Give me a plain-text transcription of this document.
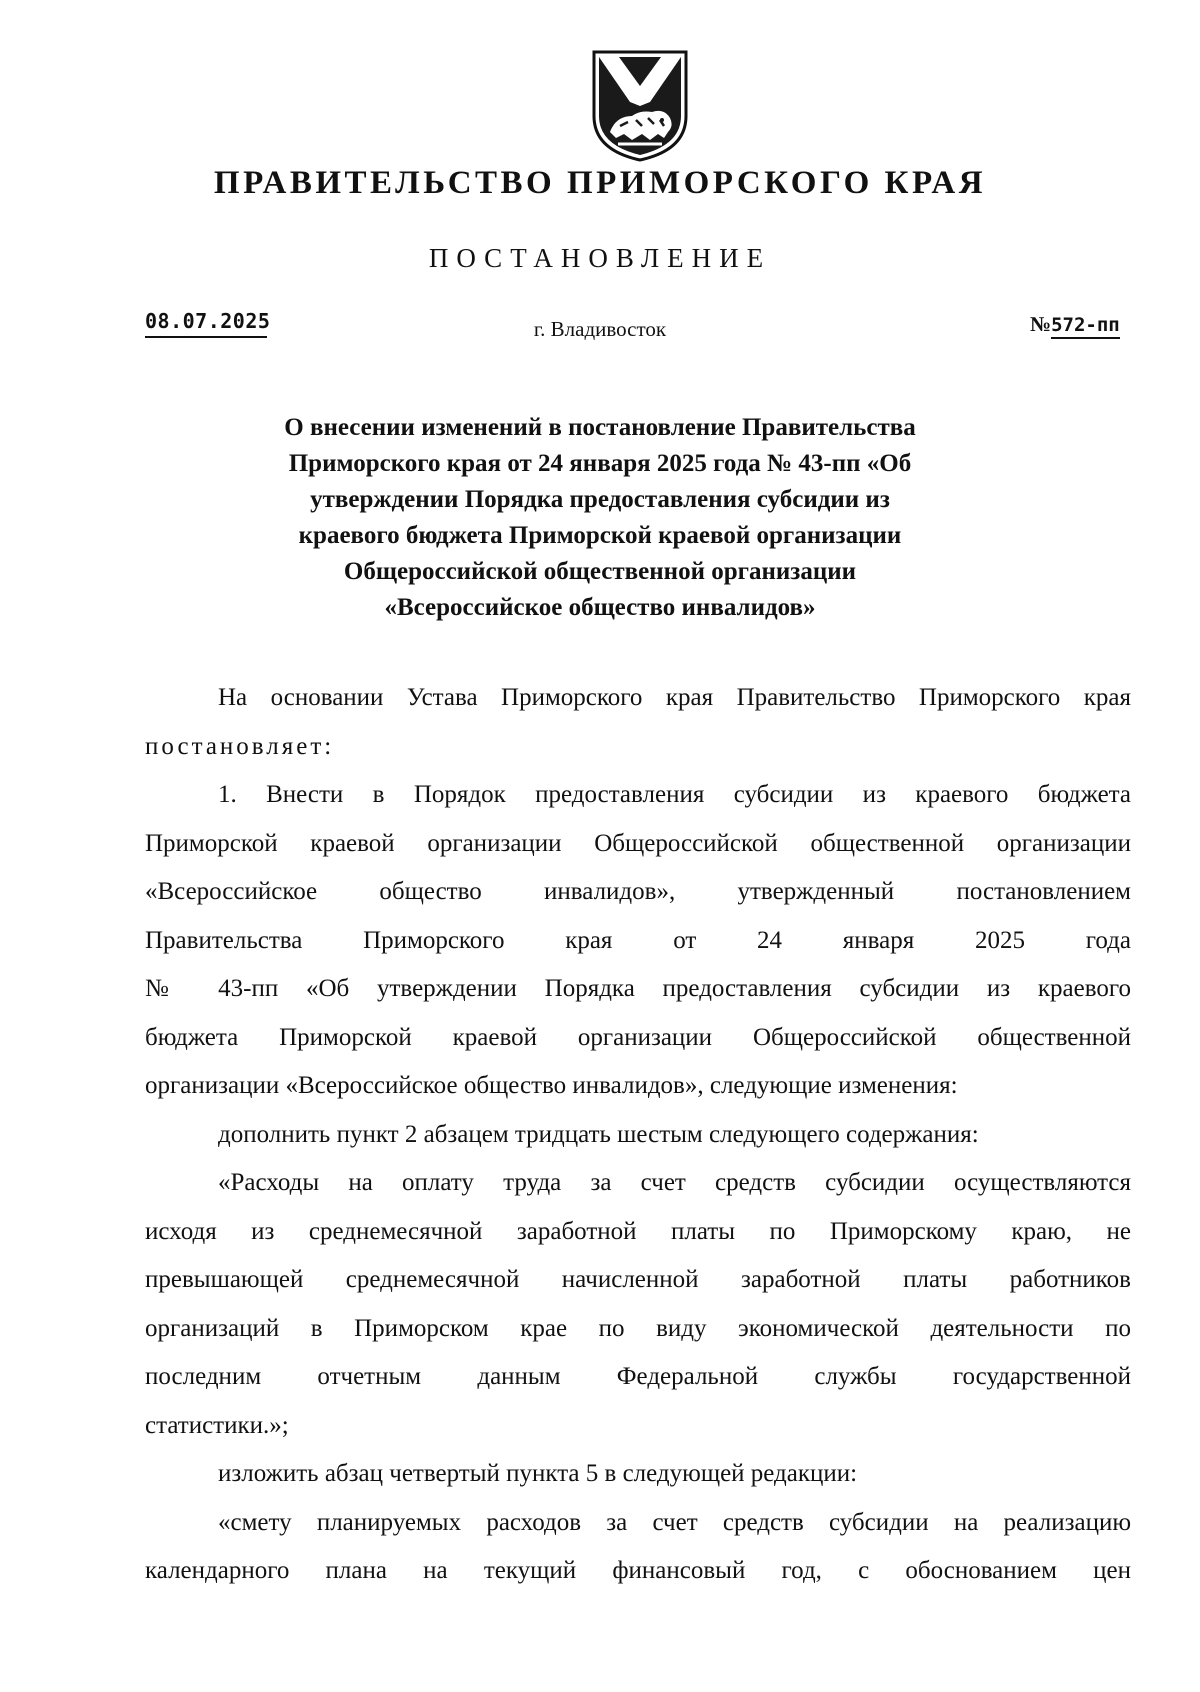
ПРАВИТЕЛЬСТВО ПРИМОРСКОГО КРАЯ
ПОСТАНОВЛЕНИЕ
08.07.2025	г. Владивосток	№572-пп
О внесении изменений в постановление Правительства
Приморского края от 24 января 2025 года № 43-пп «Об
утверждении Порядка предоставления субсидии из
краевого бюджета Приморской краевой организации
Общероссийской общественной организации
«Всероссийское общество инвалидов»

На основании Устава Приморского края Правительство Приморского края

постановляет:

1. Внести в Порядок предоставления субсидии из краевого бюджета

Приморской краевой организации Общероссийской общественной организации

«Всероссийское общество инвалидов», утвержденный постановлением

Правительства Приморского края от 24 января 2025 года

№ 43-пп «Об утверждении Порядка предоставления субсидии из краевого

бюджета Приморской краевой организации Общероссийской общественной

организации «Всероссийское общество инвалидов», следующие изменения:

дополнить пункт 2 абзацем тридцать шестым следующего содержания:

«Расходы на оплату труда за счет средств субсидии осуществляются

исходя из среднемесячной заработной платы по Приморскому краю, не

превышающей среднемесячной начисленной заработной платы работников

организаций в Приморском крае по виду экономической деятельности по

последним отчетным данным Федеральной службы государственной

статистики.»;

изложить абзац четвертый пункта 5 в следующей редакции:

«смету планируемых расходов за счет средств субсидии на реализацию

календарного плана на текущий финансовый год, с обоснованием цен
